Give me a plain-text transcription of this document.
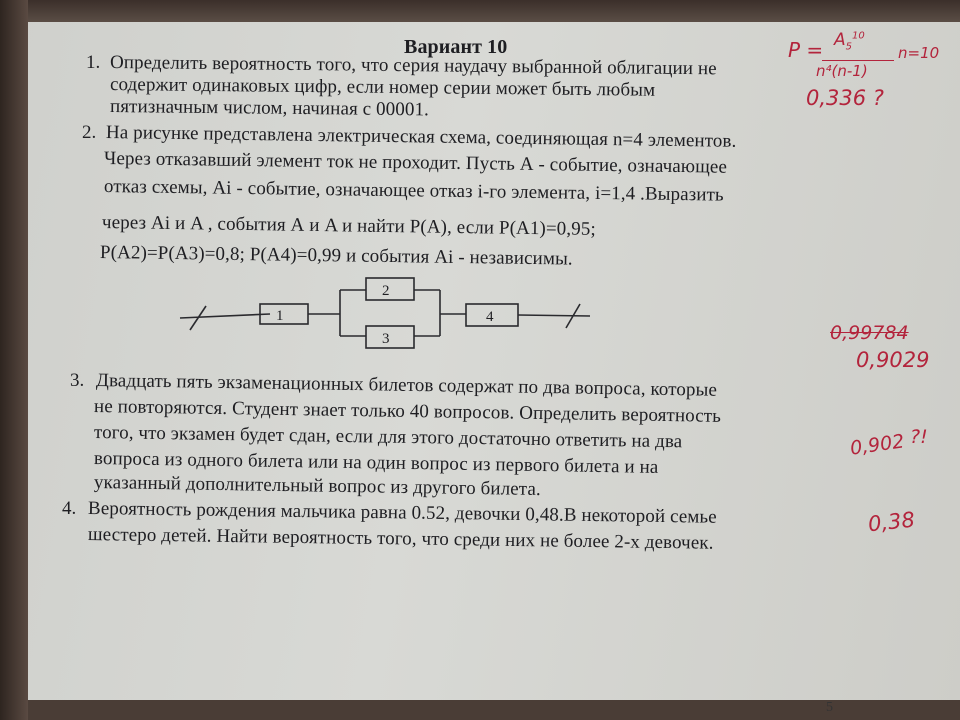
Вариант 10
1. Определить вероятность того, что серия наудачу выбранной облигации не
содержит одинаковых цифр, если номер серии может быть любым
пятизначным числом, начиная с 00001.
2. На рисунке представлена электрическая схема, соединяющая n=4 элементов.
Через отказавший элемент ток не проходит. Пусть А - событие, означающее
отказ схемы, Ai - событие, означающее отказ i-го элемента, i=1,4 .Выразить
через Ai и A , события А и A и найти Р(А), если Р(А1)=0,95;
Р(А2)=Р(А3)=0,8; Р(А4)=0,99 и события Ai - независимы.
1
2
3
4
3. Двадцать пять экзаменационных билетов содержат по два вопроса, которые
не повторяются. Студент знает только 40 вопросов. Определить вероятность
того, что экзамен будет сдан, если для этого достаточно ответить на два
вопроса из одного билета или на один вопрос из первого билета и на
указанный дополнительный вопрос из другого билета.
4. Вероятность рождения мальчика равна 0.52, девочки 0,48.В некоторой семье
шестеро детей. Найти вероятность того, что среди них не более 2-х девочек.
$P = A_5^{10}$
n⁴(n-1)
n=10
0,336 ?
0,99784
0,9029
0,902 ?!
0,38
5
